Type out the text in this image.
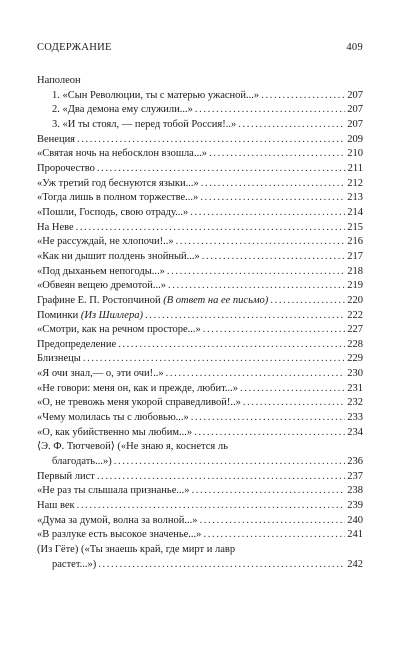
СОДЕРЖАНИЕ	409
Наполеон
1. «Сын Революции, ты с матерью ужасной...» . . .	207
2. «Два демона ему служили...» . . .	207
3. «И ты стоял, — перед тобой Россия!..» . . .	207
Венеция . . .	209
«Святая ночь на небосклон взошла...» . . .	210
Пророчество . . .	211
«Уж третий год беснуются языки...» . . .	212
«Тогда лишь в полном торжестве...» . . .	213
«Пошли, Господь, свою отраду...» . . .	214
На Неве . . .	215
«Не рассуждай, не хлопочи!..» . . .	216
«Как ни дышит полдень знойный...» . . .	217
«Под дыханьем непогоды...» . . .	218
«Обвеян вещею дремотой...» . . .	219
Графине Е. П. Ростопчиной (В ответ на ее письмо) . . .	220
Поминки (Из Шиллера) . . .	222
«Смотри, как на речном просторе...» . . .	227
Предопределение . . .	228
Близнецы . . .	229
«Я очи знал,— о, эти очи!..» . . .	230
«Не говори: меня он, как и прежде, любит...» . . .	231
«О, не тревожь меня укорой справедливой!..» . . .	232
«Чему молилась ты с любовью...» . . .	233
«О, как убийственно мы любим...» . . .	234
⟨Э. Ф. Тютчевой⟩ («Не знаю я, коснется ль
благодать...») . . .	236
Первый лист . . .	237
«Не раз ты слышала признанье...» . . .	238
Наш век . . .	239
«Дума за думой, волна за волной...» . . .	240
«В разлуке есть высокое значенье...» . . .	241
(Из Гёте) («Ты знаешь край, где мирт и лавр
растет...») . . .	242
